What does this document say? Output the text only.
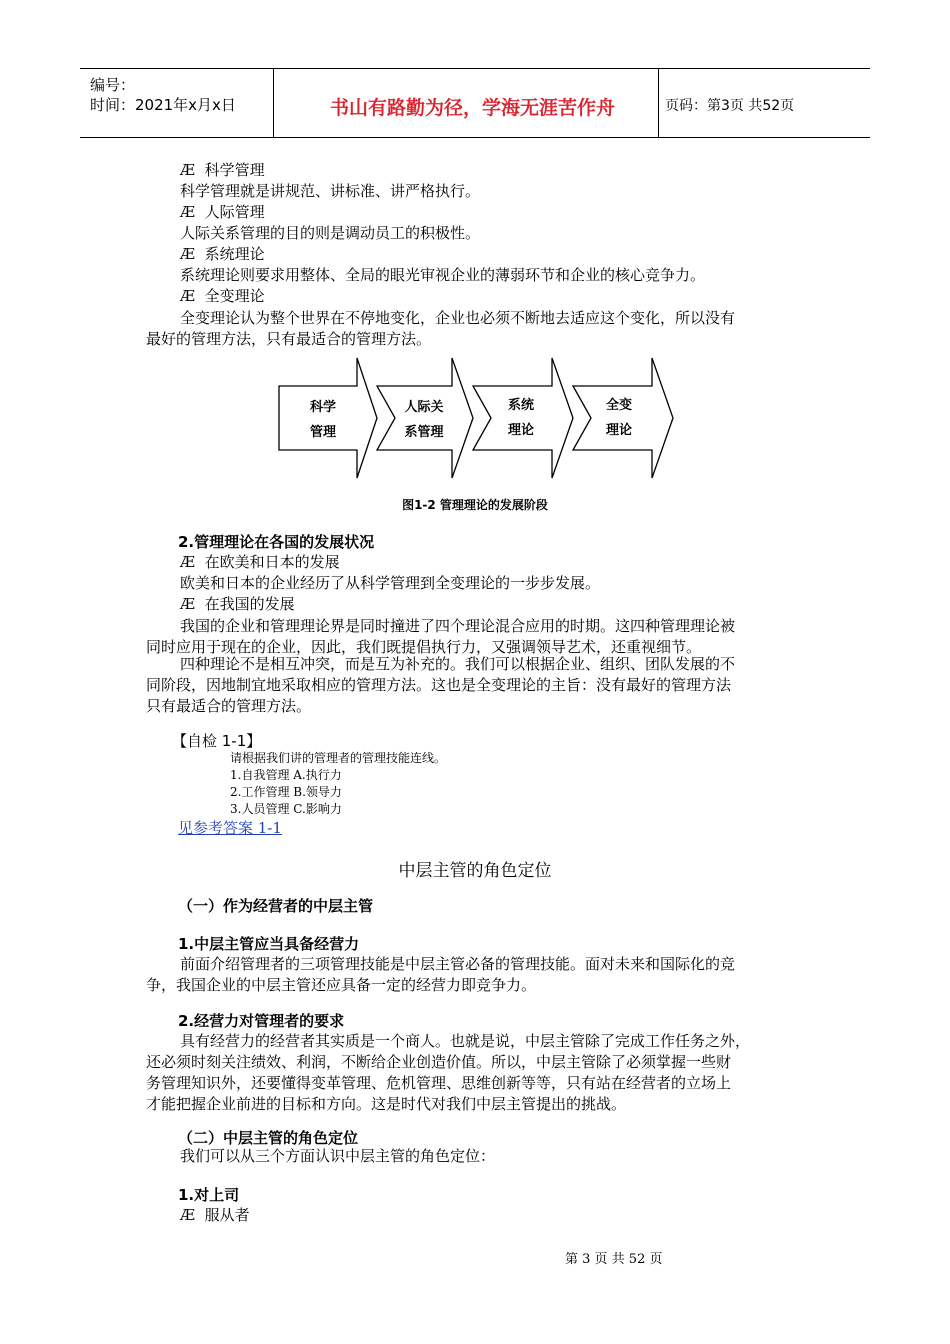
编号：
时间：2021年x月x日	书山有路勤为径，学海无涯苦作舟	页码：第3页 共52页
Æ 科学管理
科学管理就是讲规范、讲标准、讲严格执行。
Æ 人际管理
人际关系管理的目的则是调动员工的积极性。
Æ 系统理论
系统理论则要求用整体、全局的眼光审视企业的薄弱环节和企业的核心竞争力。
Æ 全变理论
全变理论认为整个世界在不停地变化，企业也必须不断地去适应这个变化，所以没有
最好的管理方法，只有最适合的管理方法。
科学
管理
人际关
系管理
系统
理论
全变
理论
图1-2 管理理论的发展阶段
2.管理理论在各国的发展状况
Æ 在欧美和日本的发展
欧美和日本的企业经历了从科学管理到全变理论的一步步发展。
Æ 在我国的发展
我国的企业和管理理论界是同时撞进了四个理论混合应用的时期。这四种管理理论被
同时应用于现在的企业，因此，我们既提倡执行力，又强调领导艺术，还重视细节。
四种理论不是相互冲突，而是互为补充的。我们可以根据企业、组织、团队发展的不
同阶段，因地制宜地采取相应的管理方法。这也是全变理论的主旨：没有最好的管理方法
只有最适合的管理方法。
【自检 1-1】
请根据我们讲的管理者的管理技能连线。
1.自我管理 A.执行力
2.工作管理 B.领导力
3.人员管理 C.影响力
见参考答案 1-1
中层主管的角色定位
（一）作为经营者的中层主管
1.中层主管应当具备经营力
前面介绍管理者的三项管理技能是中层主管必备的管理技能。面对未来和国际化的竞
争，我国企业的中层主管还应具备一定的经营力即竞争力。
2.经营力对管理者的要求
具有经营力的经营者其实质是一个商人。也就是说，中层主管除了完成工作任务之外，
还必须时刻关注绩效、利润，不断给企业创造价值。所以，中层主管除了必须掌握一些财
务管理知识外，还要懂得变革管理、危机管理、思维创新等等，只有站在经营者的立场上
才能把握企业前进的目标和方向。这是时代对我们中层主管提出的挑战。
（二）中层主管的角色定位
我们可以从三个方面认识中层主管的角色定位：
1.对上司
Æ 服从者
第 3 页 共 52 页
